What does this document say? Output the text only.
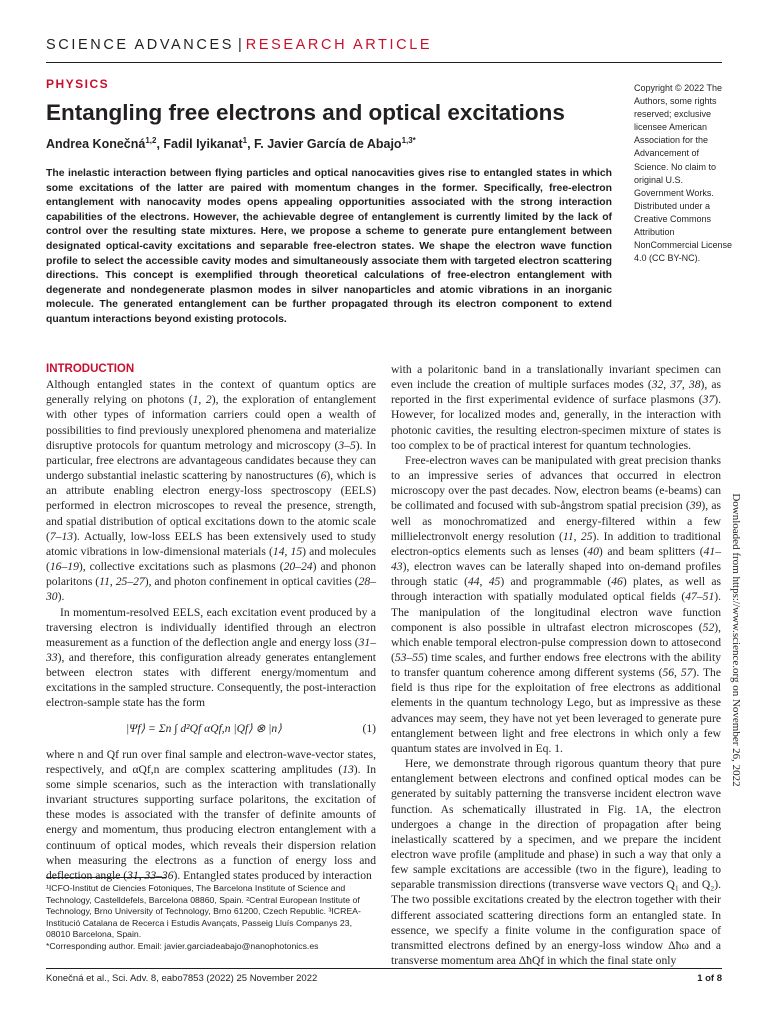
SCIENCE ADVANCES | RESEARCH ARTICLE
PHYSICS
Entangling free electrons and optical excitations
Andrea Konečná$^{1,2}$, Fadil Iyikanat$^1$, F. Javier García de Abajo$^{1,3*}$
The inelastic interaction between flying particles and optical nanocavities gives rise to entangled states in which some excitations of the latter are paired with momentum changes in the former. Specifically, free-electron entanglement with nanocavity modes opens appealing opportunities associated with the strong interaction capabilities of the electrons. However, the achievable degree of entanglement is currently limited by the lack of control over the resulting state mixtures. Here, we propose a scheme to generate pure entanglement between designated optical-cavity excitations and separable free-electron states. We shape the electron wave function profile to select the accessible cavity modes and simultaneously associate them with targeted electron scattering directions. This concept is exemplified through theoretical calculations of free-electron entanglement with degenerate and nondegenerate plasmon modes in silver nanoparticles and atomic vibrations in an inorganic molecule. The generated entanglement can be further propagated through its electron component to extend quantum interactions beyond existing protocols.
Copyright © 2022 The Authors, some rights reserved; exclusive licensee American Association for the Advancement of Science. No claim to original U.S. Government Works. Distributed under a Creative Commons Attribution NonCommercial License 4.0 (CC BY-NC).
INTRODUCTION

Although entangled states in the context of quantum optics are generally relying on photons (1, 2), the exploration of entanglement with other types of information carriers could open a wealth of possibilities to find previously unexplored phenomena and materialize disruptive protocols for quantum metrology and microscopy (3–5). In particular, free electrons are advantageous candidates because they can undergo substantial inelastic scattering by nanostructures (6), which is an attribute enabling electron energy-loss spectroscopy (EELS) performed in electron microscopes to reveal the presence, strength, and spatial distribution of optical excitations down to the atomic scale (7–13). Actually, low-loss EELS has been extensively used to study atomic vibrations in low-dimensional materials (14, 15) and molecules (16–19), collective excitations such as plasmons (20–24) and phonon polaritons (11, 25–27), and photon confinement in optical cavities (28–30).

In momentum-resolved EELS, each excitation event produced by a traversing electron is individually identified through an electron measurement as a function of the deflection angle and energy loss (31–33), and therefore, this configuration already generates entanglement between electron states with different energy/momentum and excitations in the sampled structure. Consequently, the post-interaction electron-sample state has the form

|Ψf⟩ = Σn ∫ d²Qf αQf,n |Qf⟩ ⊗ |n⟩	(1)

where n and Qf run over final sample and electron-wave-vector states, respectively, and αQf,n are complex scattering amplitudes (13). In some simple scenarios, such as the interaction with translationally invariant structures supporting surface polaritons, the excitation of these modes is associated with the transfer of definite amounts of energy and momentum, thus producing electron entanglement with a continuum of optical modes, which reveals their dispersion relation when measuring the electrons as a function of energy loss and deflection angle (31, 33–36). Entangled states produced by interaction

¹ICFO-Institut de Ciencies Fotoniques, The Barcelona Institute of Science and Technology, Castelldefels, Barcelona 08860, Spain. ²Central European Institute of Technology, Brno University of Technology, Brno 61200, Czech Republic. ³ICREA-Institució Catalana de Recerca i Estudis Avançats, Passeig Lluís Companys 23, 08010 Barcelona, Spain.

*Corresponding author. Email: javier.garciadeabajo@nanophotonics.es

with a polaritonic band in a translationally invariant specimen can even include the creation of multiple surfaces modes (32, 37, 38), as reported in the first experimental evidence of surface plasmons (37). However, for localized modes and, generally, in the interaction with photonic cavities, the resulting electron-specimen mixture of states is too complex to be of practical interest for quantum technologies.

Free-electron waves can be manipulated with great precision thanks to an impressive series of advances that occurred in electron microscopy over the past decades. Now, electron beams (e-beams) can be collimated and focused with sub-ångstrom spatial precision (39), as well as monochromatized and energy-filtered within a few millielectronvolt energy resolution (11, 25). In addition to traditional electron-optics elements such as lenses (40) and beam splitters (41–43), electron waves can be laterally shaped into on-demand profiles through static (44, 45) and programmable (46) plates, as well as through interaction with spatially modulated optical fields (47–51). The manipulation of the longitudinal electron wave function component is also possible in ultrafast electron microscopes (52), which enable temporal electron-pulse compression down to attosecond (53–55) time scales, and further endows free electrons with the ability to transfer quantum coherence among different systems (56, 57). The field is thus ripe for the exploitation of free electrons as additional elements in the quantum technology Lego, but as impressive as these advances may seem, they have not yet been leveraged to generate pure entanglement between light and free electrons in which only a few quantum states are involved in Eq. 1.

Here, we demonstrate through rigorous quantum theory that pure entanglement between electrons and confined optical modes can be generated by suitably patterning the transverse incident electron wave function. As schematically illustrated in Fig. 1A, the electron undergoes a change in the direction of propagation after being inelastically scattered by a specimen, and we prepare the incident electron wave profile (amplitude and phase) in such a way that only a few sample excitations are accessible (two in the figure), leading to separable transmission directions (transverse wave vectors Q₁ and Q₂). The two possible excitations created by the electron together with their different associated scattering directions form an entangled state. In essence, we specify a finite volume in the configuration space of transmitted electrons defined by an energy-loss window Δħω and a transverse momentum area ΔħQf in which the final state only

Downloaded from https://www.science.org on November 26, 2022
Konečná et al., Sci. Adv. 8, eabo7853 (2022) 25 November 2022	1 of 8
